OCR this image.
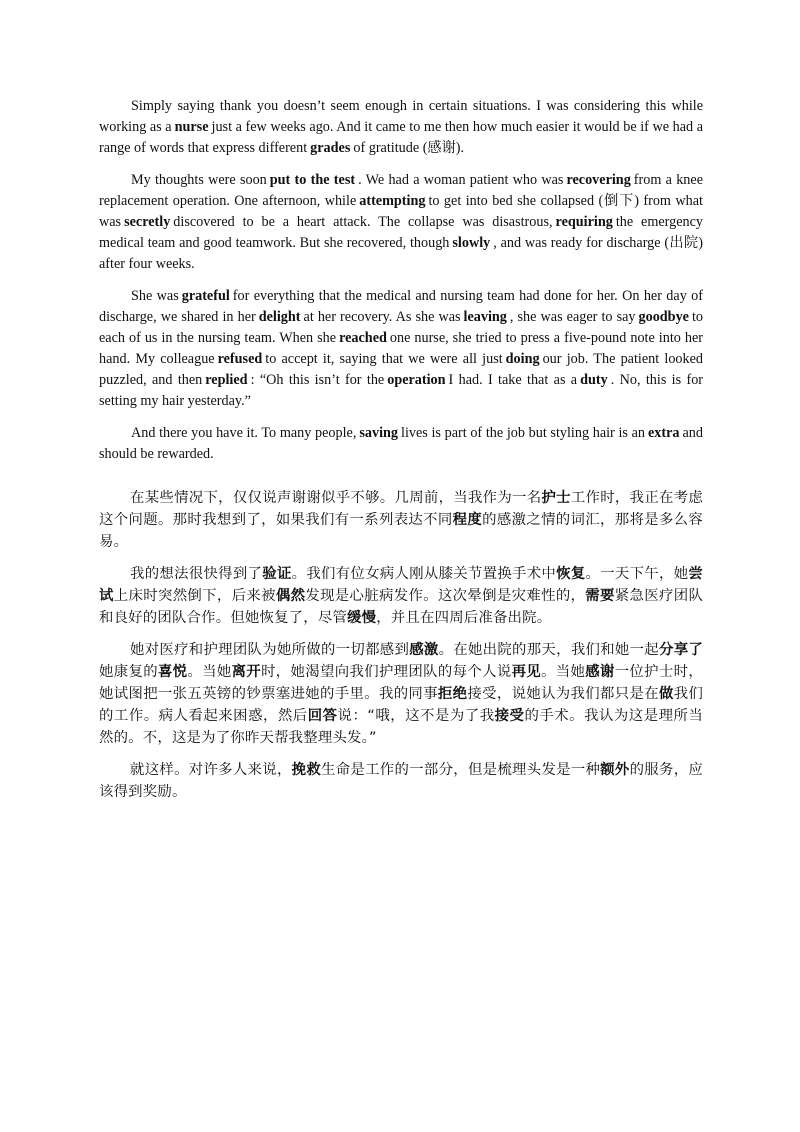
Simply saying thank you doesn’t seem enough in certain situations. I was considering this while working as a nurse just a few weeks ago. And it came to me then how much easier it would be if we had a range of words that express different grades of gratitude (感谢).

My thoughts were soon put to the test . We had a woman patient who was recovering from a knee replacement operation. One afternoon, while attempting to get into bed she collapsed (倒下) from what was secretly discovered to be a heart attack. The collapse was disastrous, requiring the emergency medical team and good teamwork. But she recovered, though slowly , and was ready for discharge (出院) after four weeks.

She was grateful for everything that the medical and nursing team had done for her. On her day of discharge, we shared in her delight at her recovery. As she was leaving , she was eager to say goodbye to each of us in the nursing team. When she reached one nurse, she tried to press a five-pound note into her hand. My colleague refused to accept it, saying that we were all just doing our job. The patient looked puzzled, and then replied : “Oh this isn’t for the operation I had. I take that as a duty . No, this is for setting my hair yesterday.”

And there you have it. To many people, saving lives is part of the job but styling hair is an extra and should be rewarded.

在某些情况下，仅仅说声谢谢似乎不够。几周前，当我作为一名护士工作时，我正在考虑这个问题。那时我想到了，如果我们有一系列表达不同程度的感激之情的词汇，那将是多么容易。

我的想法很快得到了验证。我们有位女病人刚从膝关节置换手术中恢复。一天下午，她尝试上床时突然倒下，后来被偶然发现是心脏病发作。这次晕倒是灾难性的，需要紧急医疗团队和良好的团队合作。但她恢复了，尽管缓慢，并且在四周后准备出院。

她对医疗和护理团队为她所做的一切都感到感激。在她出院的那天，我们和她一起分享了她康复的喜悦。当她离开时，她渴望向我们护理团队的每个人说再见。当她感谢一位护士时，她试图把一张五英镑的钞票塞进她的手里。我的同事拒绝接受，说她认为我们都只是在做我们的工作。病人看起来困惑，然后回答说：“哦，这不是为了我接受的手术。我认为这是理所当然的。不，这是为了你昨天帮我整理头发。”

就这样。对许多人来说，挽救生命是工作的一部分，但是梳理头发是一种额外的服务，应该得到奖励。
